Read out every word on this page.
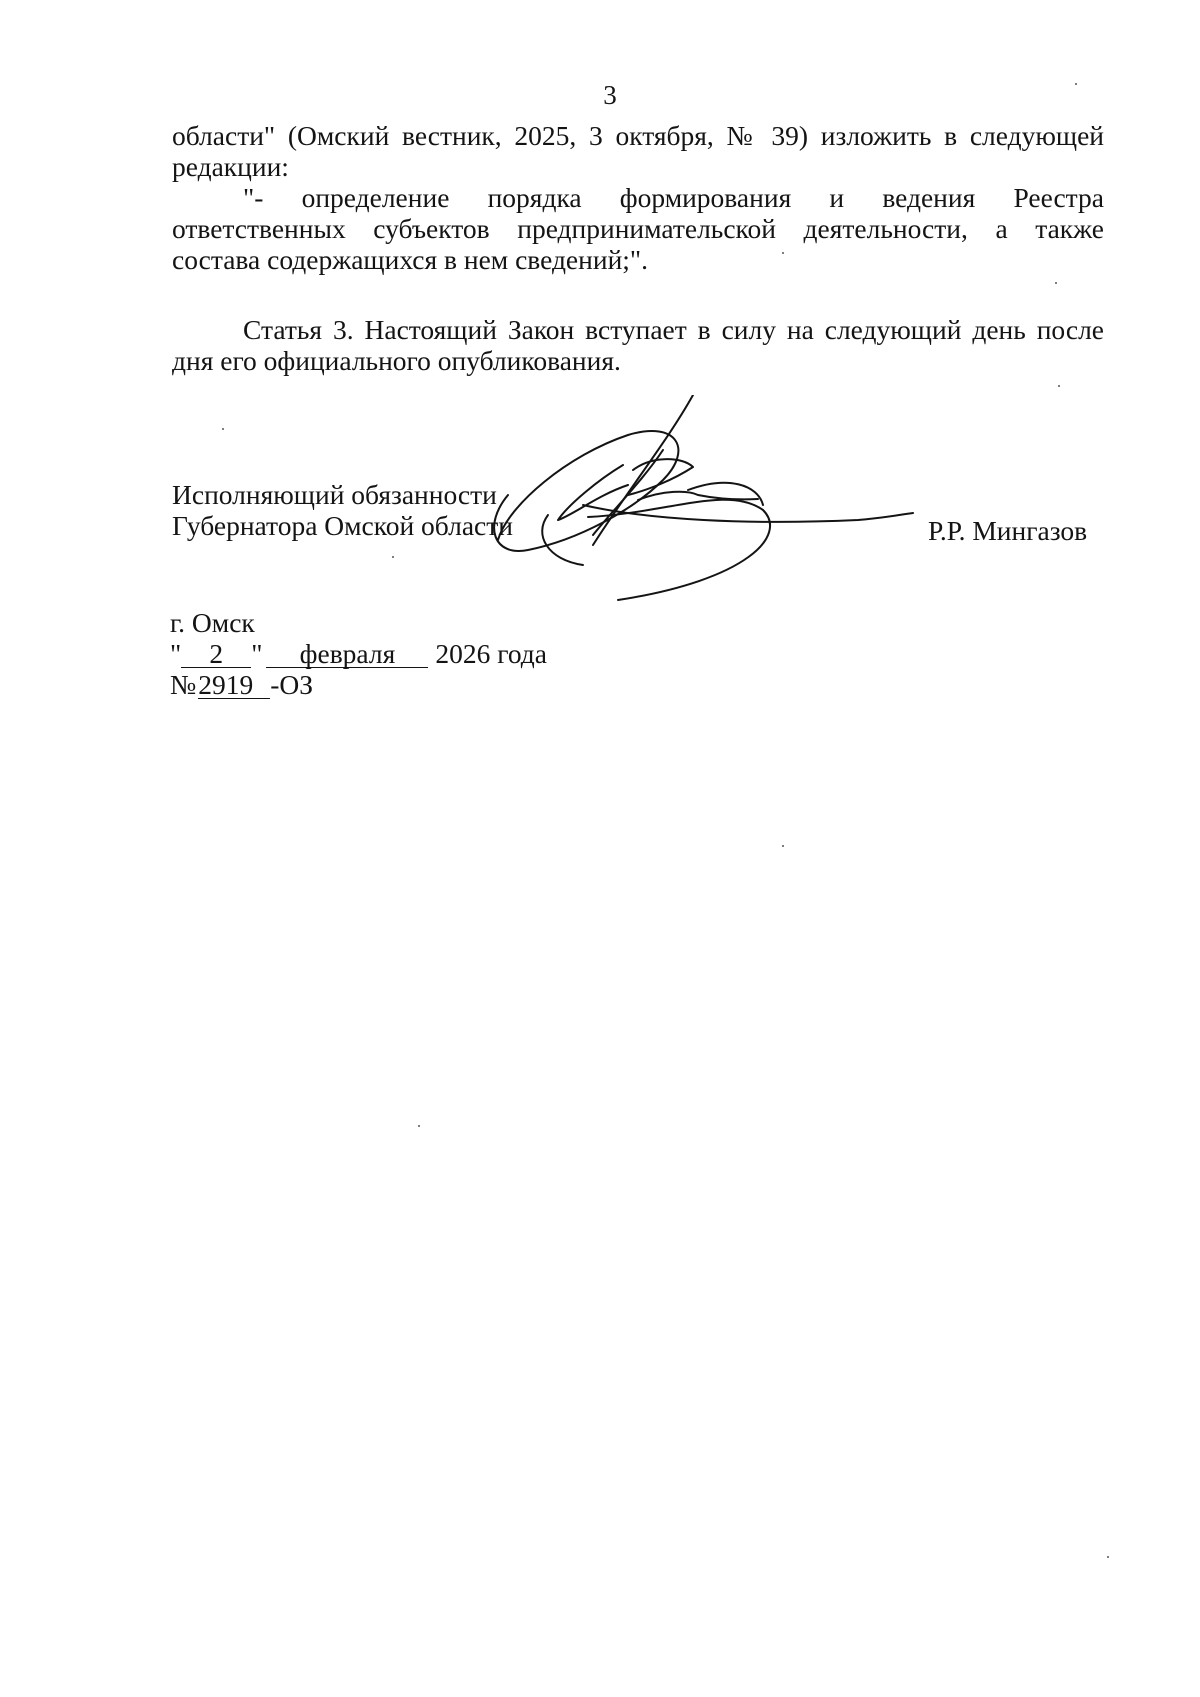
3
области" (Омский вестник, 2025, 3 октября, № 39) изложить в следующей
редакции:
"- определение порядка формирования и ведения Реестра
ответственных субъектов предпринимательской деятельности, а также
состава содержащихся в нем сведений;".
Статья 3. Настоящий Закон вступает в силу на следующий день после
дня его официального опубликования.
Исполняющий обязанности
Губернатора Омской области	Р.Р. Мингазов
г. Омск
" 2 " февраля 2026 года
№2919 -ОЗ
